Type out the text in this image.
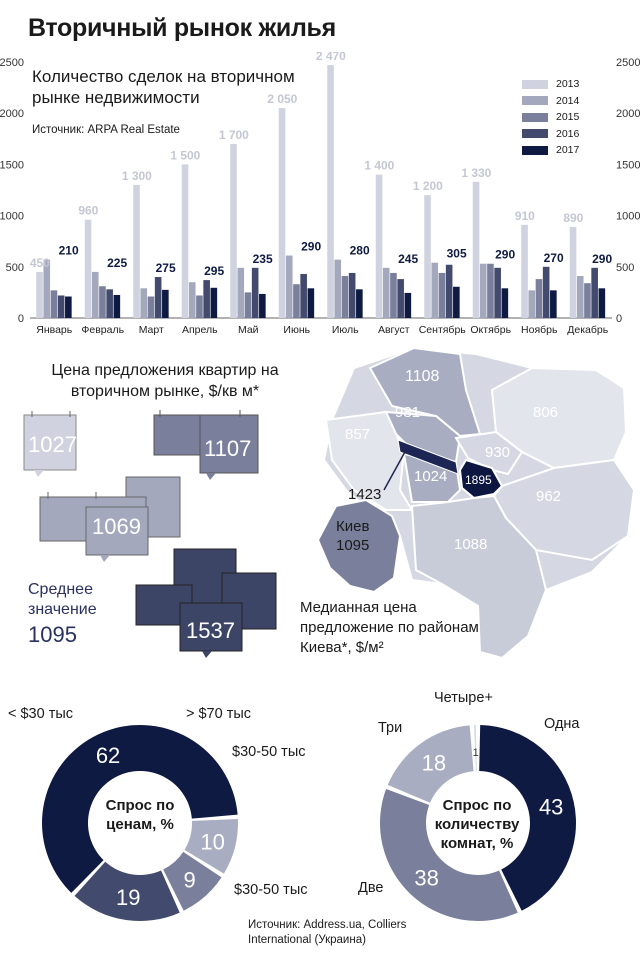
Вторичный рынок жилья
0	0
500	500
1000	1000
1500	1500
2000	2000
2500	2500
450
210
Январь
960
225
Февраль
1 300
275
Март
1 500
295
Апрель
1 700
235
Май
2 050
290
Июнь
2 470
280
Июль
1 400
245
Август
1 200
305
Сентябрь
1 330
290
Октябрь
910
270
Ноябрь
890
290
Декабрь
Количество сделок на вторичном рынке недвижимости
Источник: ARPA Real Estate
2013
2014
2015
2016
2017
Цена предложения квартир на вторичном рынке, $/кв м*
1027	1107
1069
1537
Среднее значение
1095
1108
981
857
930
806
1024 1895
962
1088
1423
Киев
1095
Медианная цена предложение по районам Киева*, $/м²
62
10
9
19
43
38
18 1
< $30 тыс	> $70 тыс
$30-50 тыс
$30-50 тыс
Спрос по ценам, %
Одна
Две
Три
Четыре+
Спрос по количеству комнат, %
Источник: Address.ua, Colliers International (Украина)
